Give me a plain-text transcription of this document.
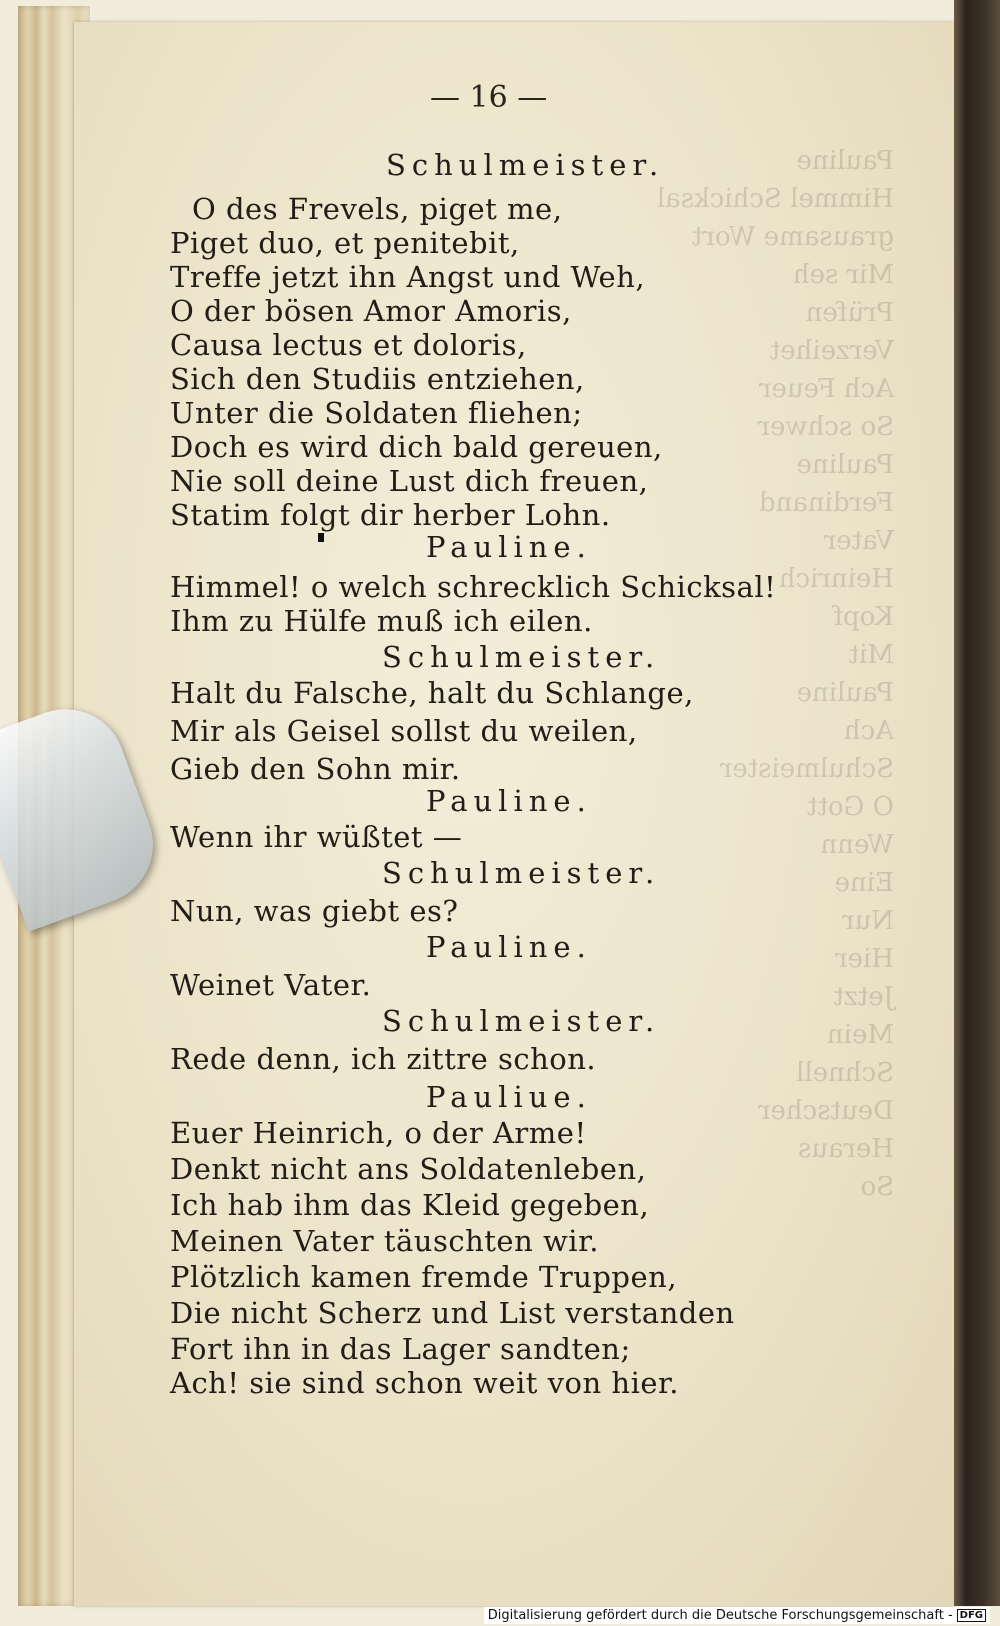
Pauline
Himmel Schicksal
grausame Wort
Mir seh
Prüfen
Verzeihet
Ach Feuer
So schwer
Pauline
Ferdinand
Vater
Heinrich
Kopf
Mit
Pauline
Ach
Schulmeister
O Gott
Wenn
Eine
Nur
Hier
Jetzt
Mein
Schnell
Deutscher
Heraus
So
— 16 —
Schulmeister.
O des Frevels, piget me,
Piget duo, et penitebit,
Treffe jetzt ihn Angst und Weh,
O der bösen Amor Amoris,
Causa lectus et doloris,
Sich den Studiis entziehen,
Unter die Soldaten fliehen;
Doch es wird dich bald gereuen,
Nie soll deine Lust dich freuen,
Statim folgt dir herber Lohn.
Pauline.
Himmel! o welch schrecklich Schicksal!
Ihm zu Hülfe muß ich eilen.
Schulmeister.
Halt du Falsche, halt du Schlange,
Mir als Geisel sollst du weilen,
Gieb den Sohn mir.
Pauline.
Wenn ihr wüßtet —
Schulmeister.
Nun, was giebt es?
Pauline.
Weinet Vater.
Schulmeister.
Rede denn, ich zittre schon.
Pauliue.
Euer Heinrich, o der Arme!
Denkt nicht ans Soldatenleben,
Ich hab ihm das Kleid gegeben,
Meinen Vater täuschten wir.
Plötzlich kamen fremde Truppen,
Die nicht Scherz und List verstanden
Fort ihn in das Lager sandten;
Ach! sie sind schon weit von hier.
Digitalisierung gefördert durch die Deutsche Forschungsgemeinschaft - DFG
